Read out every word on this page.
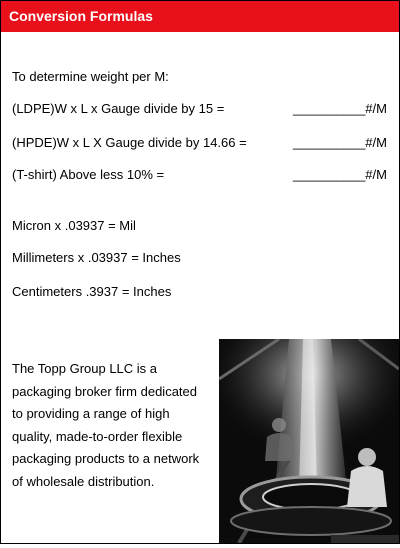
Conversion Formulas
To determine weight per M:
(LDPE)W x L x Gauge divide by 15 =	__________#/M
(HPDE)W x L X Gauge divide by 14.66 =	__________#/M
(T-shirt) Above less 10% =	__________#/M
Micron x .03937 = Mil
Millimeters x .03937 = Inches
Centimeters .3937 = Inches
The Topp Group LLC is a
packaging broker firm dedicated
to providing a range of high
quality, made-to-order flexible
packaging products to a network
of wholesale distribution.
